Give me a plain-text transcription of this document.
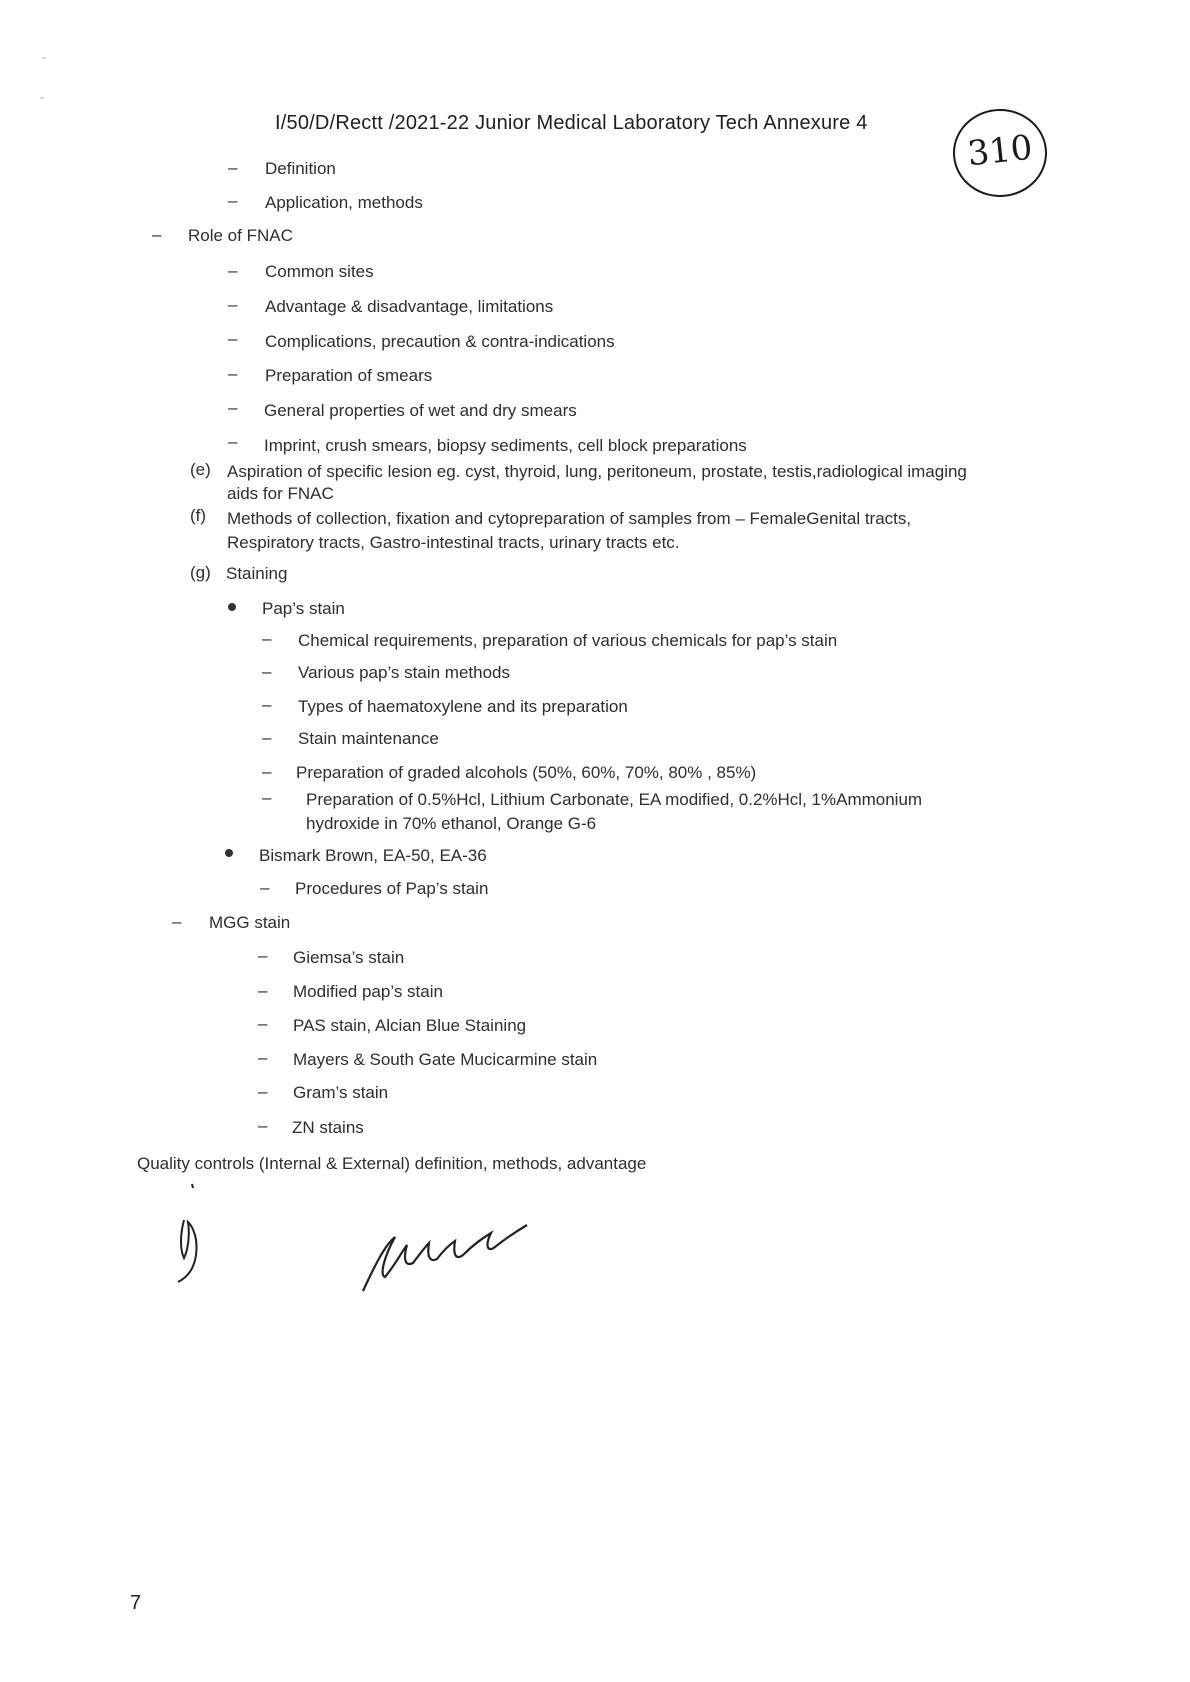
-
-
I/50/D/Rectt /2021-22 Junior Medical Laboratory Tech Annexure 4
310
– Definition
– Application, methods
– Role of FNAC
– Common sites
– Advantage & disadvantage, limitations
– Complications, precaution & contra-indications
– Preparation of smears
– General properties of wet and dry smears
– Imprint, crush smears, biopsy sediments, cell block preparations
(e) Aspiration of specific lesion eg. cyst, thyroid, lung, peritoneum, prostate, testis,radiological imaging
aids for FNAC
(f) Methods of collection, fixation and cytopreparation of samples from – FemaleGenital tracts,
Respiratory tracts, Gastro-intestinal tracts, urinary tracts etc.
(g) Staining
Pap’s stain
– Chemical requirements, preparation of various chemicals for pap’s stain
– Various pap’s stain methods
– Types of haematoxylene and its preparation
– Stain maintenance
– Preparation of graded alcohols (50%, 60%, 70%, 80% , 85%)
– Preparation of 0.5%Hcl, Lithium Carbonate, EA modified, 0.2%Hcl, 1%Ammonium
hydroxide in 70% ethanol, Orange G-6
Bismark Brown, EA-50, EA-36
– Procedures of Pap’s stain
– MGG stain
– Giemsa’s stain
– Modified pap’s stain
– PAS stain, Alcian Blue Staining
– Mayers & South Gate Mucicarmine stain
– Gram’s stain
– ZN stains
Quality controls (Internal & External) definition, methods, advantage
7
